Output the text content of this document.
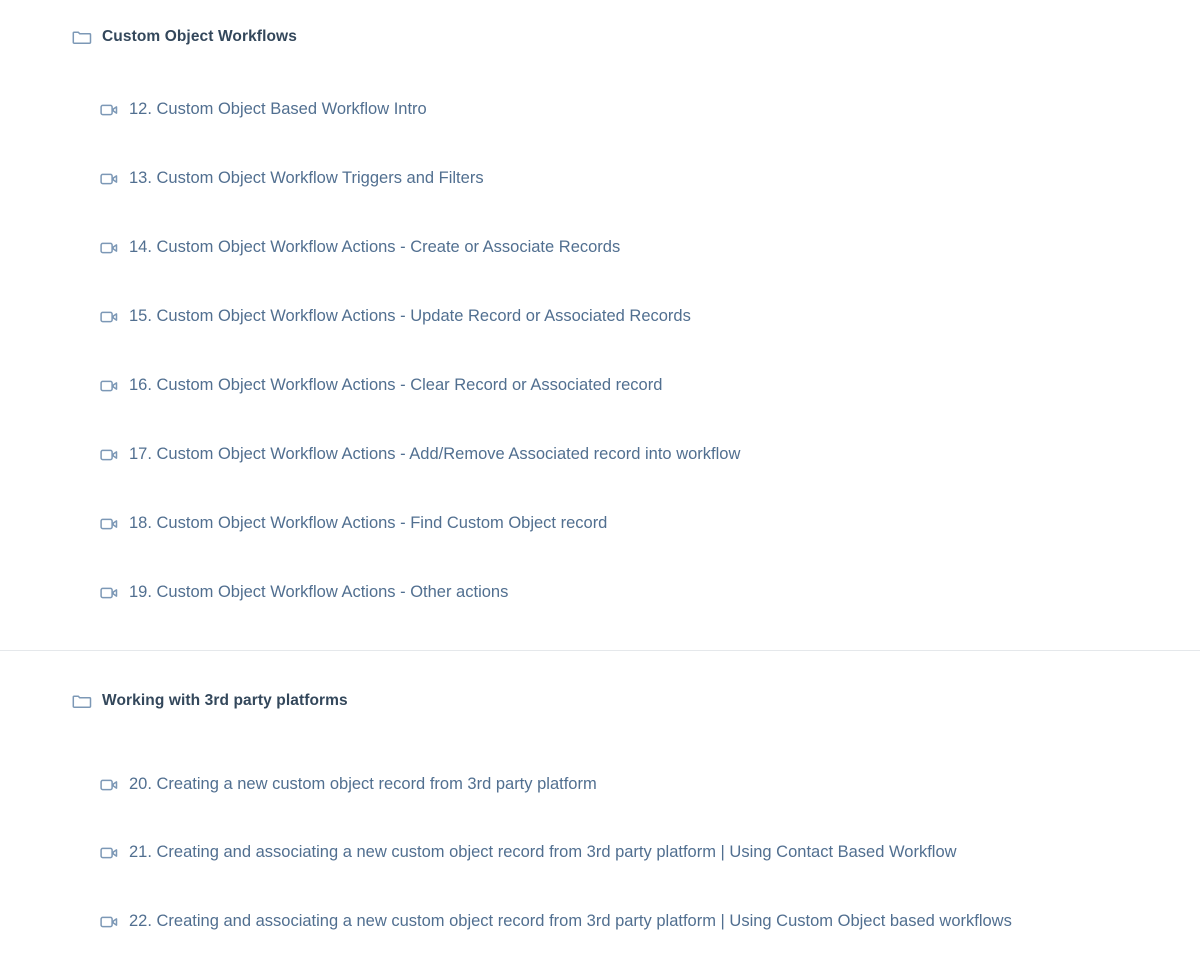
Custom Object Workflows
12. Custom Object Based Workflow Intro
13. Custom Object Workflow Triggers and Filters
14. Custom Object Workflow Actions - Create or Associate Records
15. Custom Object Workflow Actions - Update Record or Associated Records
16. Custom Object Workflow Actions - Clear Record or Associated record
17. Custom Object Workflow Actions - Add/Remove Associated record into workflow
18. Custom Object Workflow Actions - Find Custom Object record
19. Custom Object Workflow Actions - Other actions
Working with 3rd party platforms
20. Creating a new custom object record from 3rd party platform
21. Creating and associating a new custom object record from 3rd party platform | Using Contact Based Workflow
22. Creating and associating a new custom object record from 3rd party platform | Using Custom Object based workflows
